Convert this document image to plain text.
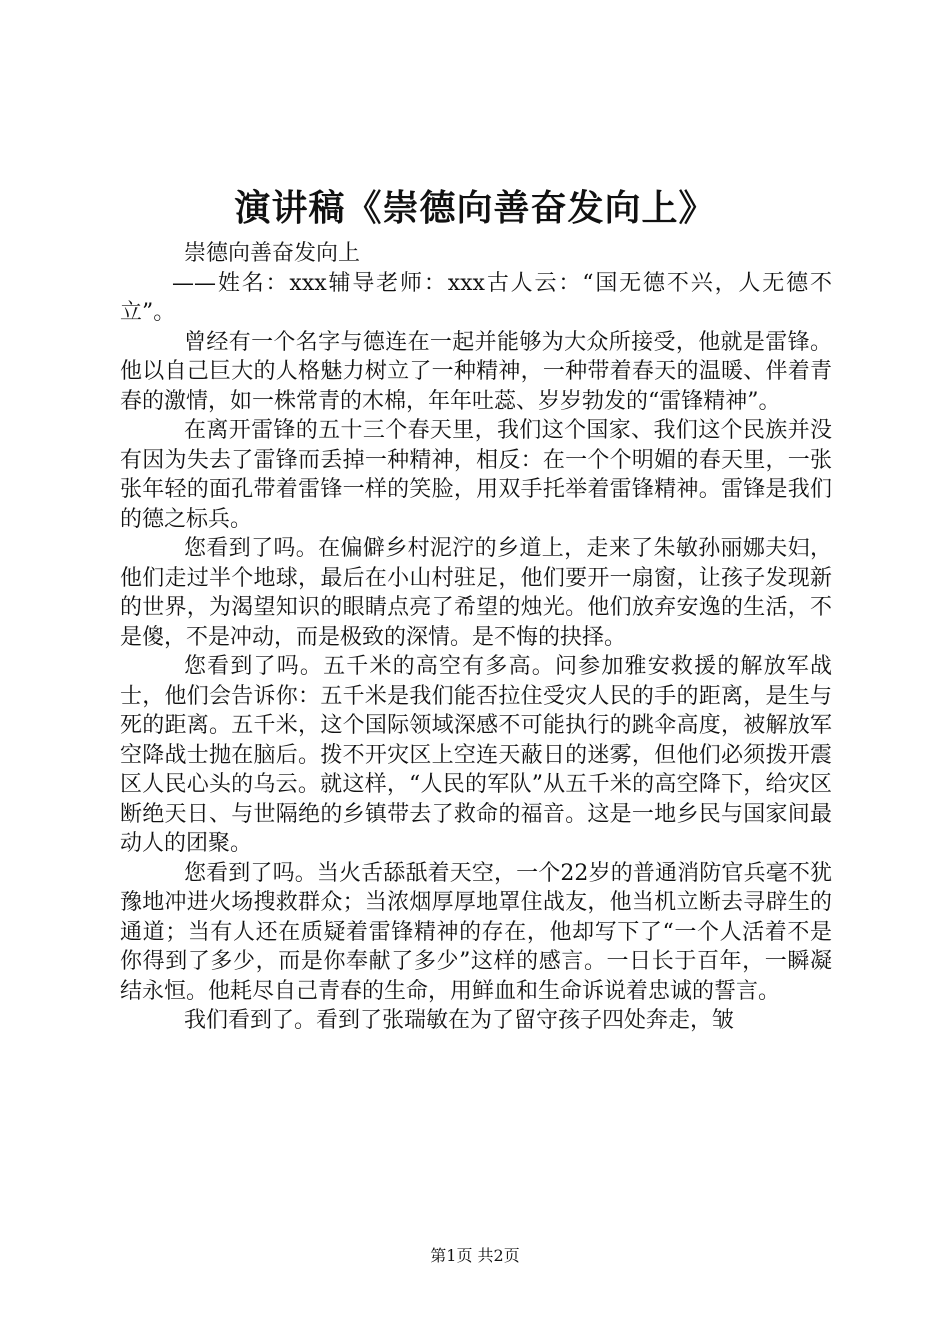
演讲稿《崇德向善奋发向上》

崇德向善奋发向上

——姓名：xxx辅导老师：xxx古人云：“国无德不兴，人无德不立”。

曾经有一个名字与德连在一起并能够为大众所接受，他就是雷锋。他以自己巨大的人格魅力树立了一种精神，一种带着春天的温暖、伴着青春的激情，如一株常青的木棉，年年吐蕊、岁岁勃发的“雷锋精神”。

在离开雷锋的五十三个春天里，我们这个国家、我们这个民族并没有因为失去了雷锋而丢掉一种精神，相反：在一个个明媚的春天里，一张张年轻的面孔带着雷锋一样的笑脸，用双手托举着雷锋精神。雷锋是我们的德之标兵。

您看到了吗。在偏僻乡村泥泞的乡道上，走来了朱敏孙丽娜夫妇，他们走过半个地球，最后在小山村驻足，他们要开一扇窗，让孩子发现新的世界，为渴望知识的眼睛点亮了希望的烛光。他们放弃安逸的生活，不是傻，不是冲动，而是极致的深情。是不悔的抉择。

您看到了吗。五千米的高空有多高。问参加雅安救援的解放军战士，他们会告诉你：五千米是我们能否拉住受灾人民的手的距离，是生与死的距离。五千米，这个国际领域深感不可能执行的跳伞高度，被解放军空降战士抛在脑后。拨不开灾区上空连天蔽日的迷雾，但他们必须拨开震区人民心头的乌云。就这样，“人民的军队”从五千米的高空降下，给灾区断绝天日、与世隔绝的乡镇带去了救命的福音。这是一地乡民与国家间最动人的团聚。

您看到了吗。当火舌舔舐着天空，一个22岁的普通消防官兵毫不犹豫地冲进火场搜救群众；当浓烟厚厚地罩住战友，他当机立断去寻辟生的通道；当有人还在质疑着雷锋精神的存在，他却写下了“一个人活着不是你得到了多少，而是你奉献了多少”这样的感言。一日长于百年，一瞬凝结永恒。他耗尽自己青春的生命，用鲜血和生命诉说着忠诚的誓言。

我们看到了。看到了张瑞敏在为了留守孩子四处奔走，皱

第1页 共2页
